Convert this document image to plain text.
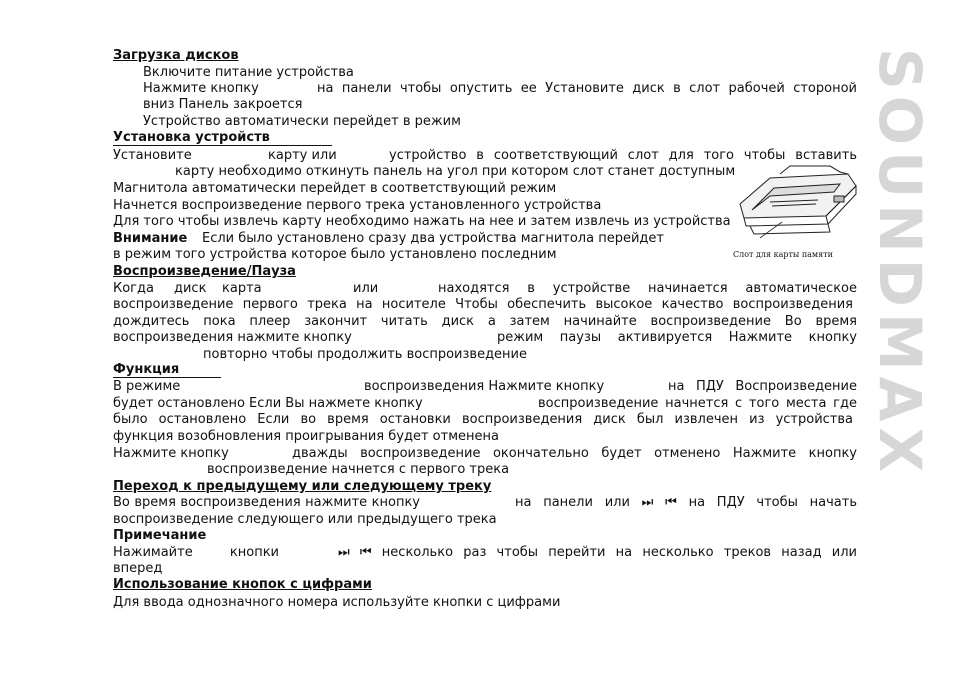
SOUNDMAX
Загрузка дисков
Включите питание устройства
Нажмите кнопку	на панели чтобы опустить ее Установите диск в слот рабочей стороной
вниз Панель закроется
Устройство автоматически перейдет в режим
Установка устройств
Установите	карту или	устройство в соответствующий слот для того чтобы вставить
карту необходимо откинуть панель на угол при котором слот станет доступным
Магнитола автоматически перейдет в соответствующий режим
Начнется воспроизведение первого трека установленного устройства
Для того чтобы извлечь карту необходимо нажать на нее и затем извлечь из устройства
Внимание Если было установлено сразу два устройства магнитола перейдет
в режим того устройства которое было установлено последним	Слот для карты памяти
Воспроизведение/Пауза
Когда диск карта	или	находятся в устройстве начинается автоматическое
воспроизведение первого трека на носителе Чтобы обеспечить высокое качество воспроизведения
дождитесь пока плеер закончит читать диск а затем начинайте воспроизведение Во время
воспроизведения нажмите кнопку	режим паузы активируется Нажмите кнопку
повторно чтобы продолжить воспроизведение
Функция
В режиме	воспроизведения Нажмите кнопку	на ПДУ Воспроизведение
будет остановлено Если Вы нажмете кнопку	воспроизведение начнется с того места где
было остановлено Если во время остановки воспроизведения диск был извлечен из устройства
функция возобновления проигрывания будет отменена
Нажмите кнопку	дважды воспроизведение окончательно будет отменено Нажмите кнопку
воспроизведение начнется с первого трека
Переход к предыдущему или следующему треку
Во время воспроизведения нажмите кнопку	на панели или ⏭ ⏮ на ПДУ чтобы начать
воспроизведение следующего или предыдущего трека
Примечание
Нажимайте кнопки	⏭ ⏮ несколько раз чтобы перейти на несколько треков назад или
вперед
Использование кнопок с цифрами
Для ввода однозначного номера используйте кнопки с цифрами
